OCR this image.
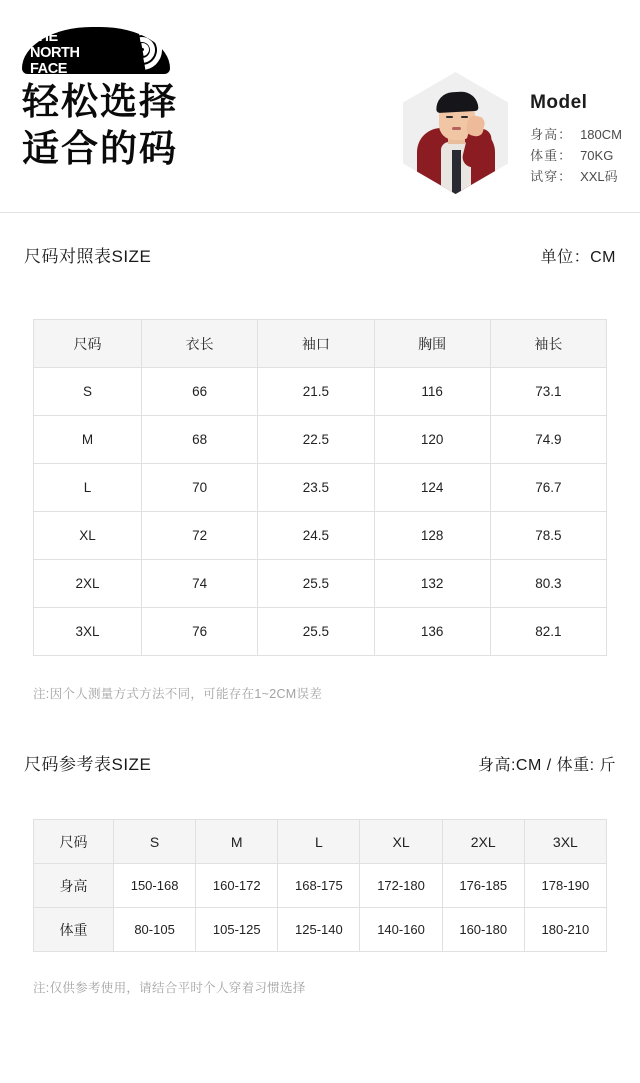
THE
NORTH
FACE
轻松选择
适合的码
Model
身高： 180CM
体重： 70KG
试穿： XXL码
尺码对照表SIZE	单位：CM
尺码	衣长	袖口	胸围	袖长
S	66	21.5	116	73.1
M	68	22.5	120	74.9
L	70	23.5	124	76.7
XL	72	24.5	128	78.5
2XL	74	25.5	132	80.3
3XL	76	25.5	136	82.1
注:因个人测量方式方法不同，可能存在1~2CM误差
尺码参考表SIZE	身高:CM / 体重: 斤
尺码	S	M	L	XL	2XL	3XL
身高	150-168	160-172	168-175	172-180	176-185	178-190
体重	80-105	105-125	125-140	140-160	160-180	180-210
注:仅供参考使用，请结合平时个人穿着习惯选择
